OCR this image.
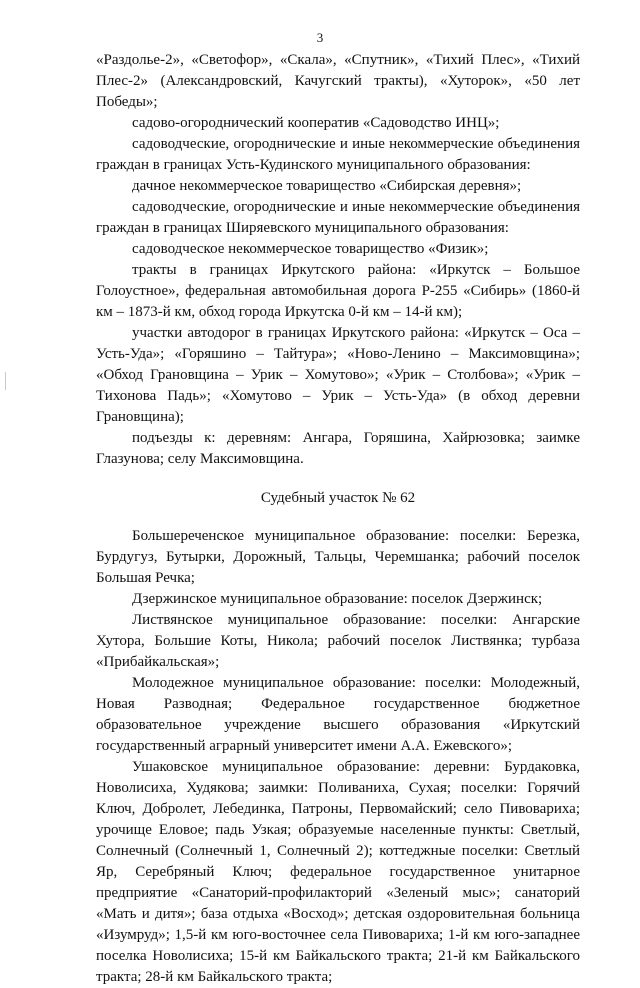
3

«Раздолье-2», «Светофор», «Скала», «Спутник», «Тихий Плес», «Тихий Плес-2» (Александровский, Качугский тракты), «Хуторок», «50 лет Победы»;

садово-огороднический кооператив «Садоводство ИНЦ»;

садоводческие, огороднические и иные некоммерческие объединения граждан в границах Усть-Кудинского муниципального образования:

дачное некоммерческое товарищество «Сибирская деревня»;

садоводческие, огороднические и иные некоммерческие объединения граждан в границах Ширяевского муниципального образования:

садоводческое некоммерческое товарищество «Физик»;

тракты в границах Иркутского района: «Иркутск – Большое Голоустное», федеральная автомобильная дорога Р-255 «Сибирь» (1860-й км – 1873-й км, обход города Иркутска 0-й км – 14-й км);

участки автодорог в границах Иркутского района: «Иркутск – Оса – Усть-Уда»; «Горяшино – Тайтура»; «Ново-Ленино – Максимовщина»; «Обход Грановщина – Урик – Хомутово»; «Урик – Столбова»; «Урик – Тихонова Падь»; «Хомутово – Урик – Усть-Уда» (в обход деревни Грановщина);

подъезды к: деревням: Ангара, Горяшина, Хайрюзовка; заимке Глазунова; селу Максимовщина.

Судебный участок № 62

Большереченское муниципальное образование: поселки: Березка, Бурдугуз, Бутырки, Дорожный, Тальцы, Черемшанка; рабочий поселок Большая Речка;

Дзержинское муниципальное образование: поселок Дзержинск;

Листвянское муниципальное образование: поселки: Ангарские Хутора, Большие Коты, Никола; рабочий поселок Листвянка; турбаза «Прибайкальская»;

Молодежное муниципальное образование: поселки: Молодежный, Новая Разводная; Федеральное государственное бюджетное образовательное учреждение высшего образования «Иркутский государственный аграрный университет имени А.А. Ежевского»;

Ушаковское муниципальное образование: деревни: Бурдаковка, Новолисиха, Худякова; заимки: Поливаниха, Сухая; поселки: Горячий Ключ, Добролет, Лебединка, Патроны, Первомайский; село Пивовариха; урочище Еловое; падь Узкая; образуемые населенные пункты: Светлый, Солнечный (Солнечный 1, Солнечный 2); коттеджные поселки: Светлый Яр, Серебряный Ключ; федеральное государственное унитарное предприятие «Санаторий-профилакторий «Зеленый мыс»; санаторий «Мать и дитя»; база отдыха «Восход»; детская оздоровительная больница «Изумруд»; 1,5-й км юго-восточнее села Пивовариха; 1-й км юго-западнее поселка Новолисиха; 15-й км Байкальского тракта; 21-й км Байкальского тракта; 28-й км Байкальского тракта;
